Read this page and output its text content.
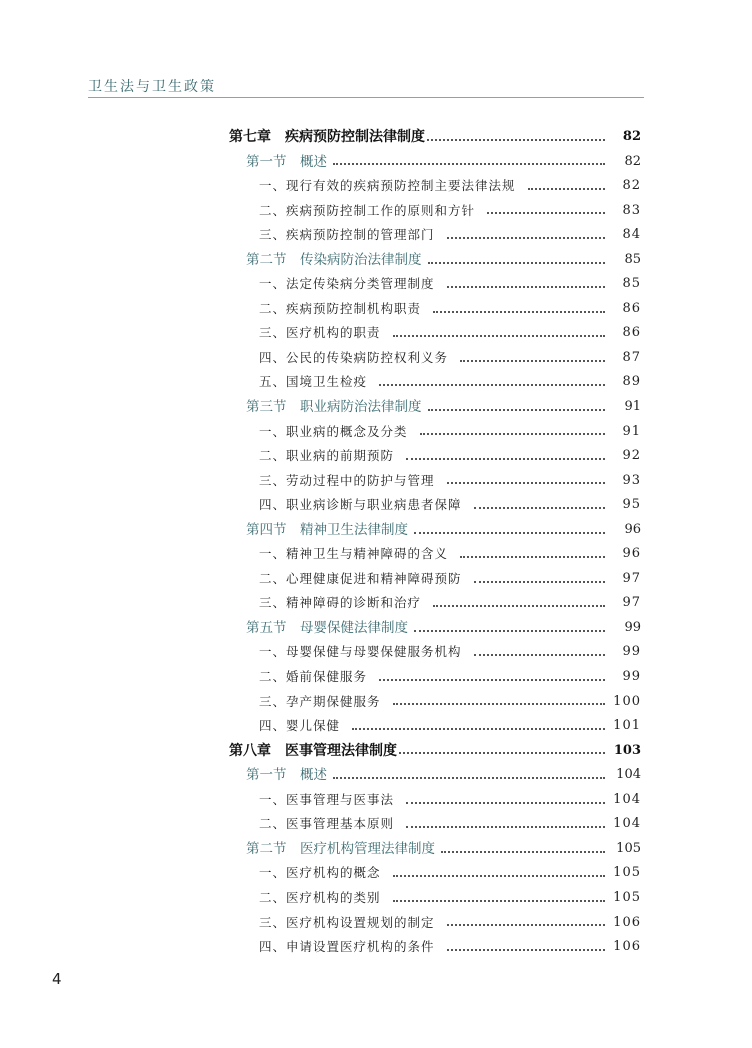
卫生法与卫生政策
第七章　疾病预防控制法律制度	82
第一节　概述	82
一、现行有效的疾病预防控制主要法律法规	82
二、疾病预防控制工作的原则和方针	83
三、疾病预防控制的管理部门	84
第二节　传染病防治法律制度	85
一、法定传染病分类管理制度	85
二、疾病预防控制机构职责	86
三、医疗机构的职责	86
四、公民的传染病防控权利义务	87
五、国境卫生检疫	89
第三节　职业病防治法律制度	91
一、职业病的概念及分类	91
二、职业病的前期预防	92
三、劳动过程中的防护与管理	93
四、职业病诊断与职业病患者保障	95
第四节　精神卫生法律制度	96
一、精神卫生与精神障碍的含义	96
二、心理健康促进和精神障碍预防	97
三、精神障碍的诊断和治疗	97
第五节　母婴保健法律制度	99
一、母婴保健与母婴保健服务机构	99
二、婚前保健服务	99
三、孕产期保健服务	100
四、婴儿保健	101
第八章　医事管理法律制度	103
第一节　概述	104
一、医事管理与医事法	104
二、医事管理基本原则	104
第二节　医疗机构管理法律制度	105
一、医疗机构的概念	105
二、医疗机构的类别	105
三、医疗机构设置规划的制定	106
四、申请设置医疗机构的条件	106
4
